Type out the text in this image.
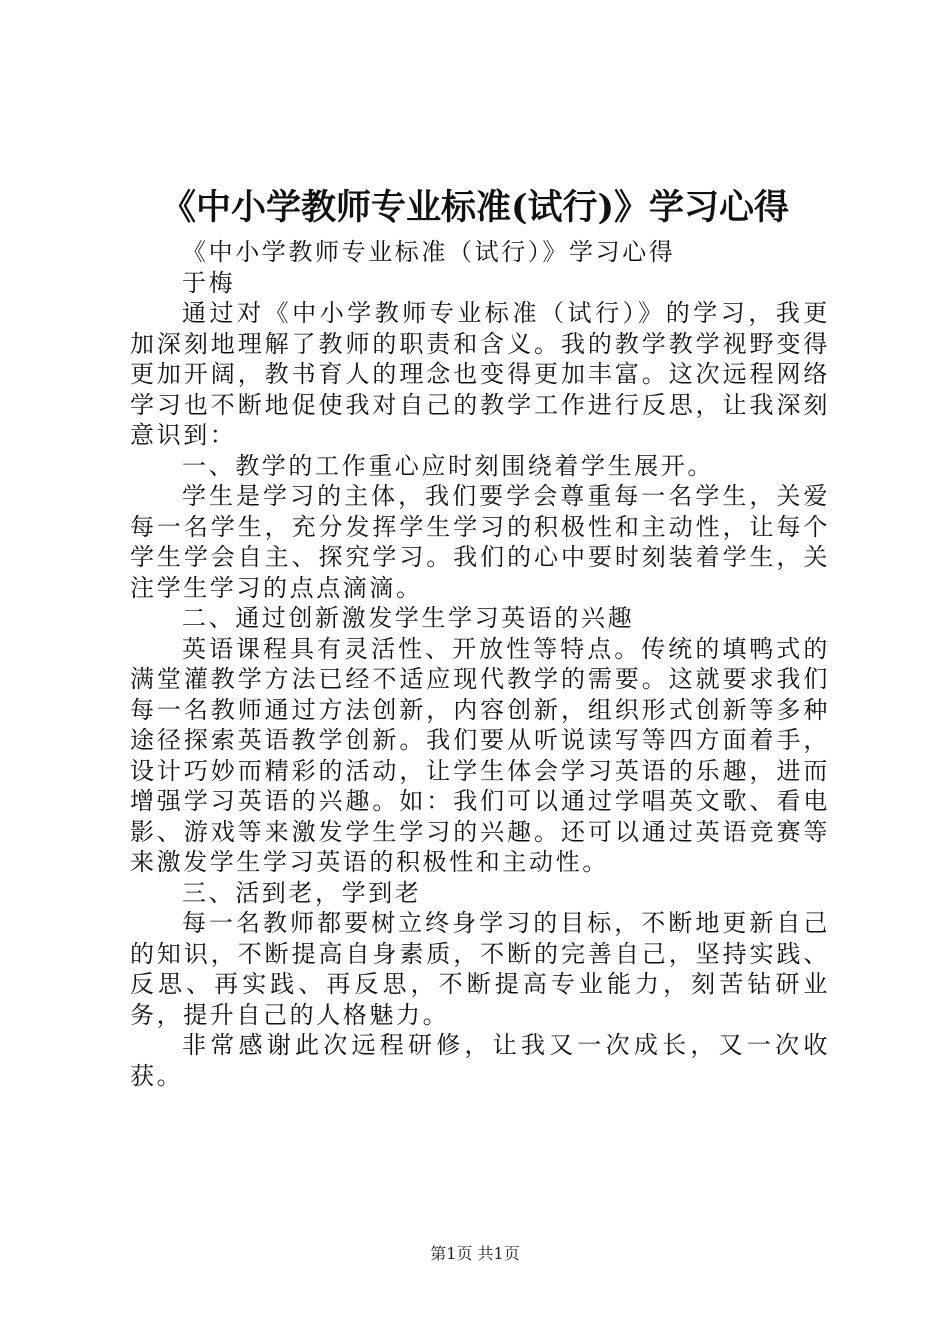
《中小学教师专业标准(试行)》学习心得

《中小学教师专业标准（试行）》学习心得

于梅

通过对《中小学教师专业标准（试行）》的学习，我更加深刻地理解了教师的职责和含义。我的教学教学视野变得更加开阔，教书育人的理念也变得更加丰富。这次远程网络学习也不断地促使我对自己的教学工作进行反思，让我深刻意识到：

一、教学的工作重心应时刻围绕着学生展开。

学生是学习的主体，我们要学会尊重每一名学生，关爱每一名学生，充分发挥学生学习的积极性和主动性，让每个学生学会自主、探究学习。我们的心中要时刻装着学生，关注学生学习的点点滴滴。

二、通过创新激发学生学习英语的兴趣

英语课程具有灵活性、开放性等特点。传统的填鸭式的满堂灌教学方法已经不适应现代教学的需要。这就要求我们每一名教师通过方法创新，内容创新，组织形式创新等多种途径探索英语教学创新。我们要从听说读写等四方面着手，设计巧妙而精彩的活动，让学生体会学习英语的乐趣，进而增强学习英语的兴趣。如：我们可以通过学唱英文歌、看电影、游戏等来激发学生学习的兴趣。还可以通过英语竞赛等来激发学生学习英语的积极性和主动性。

三、活到老，学到老

每一名教师都要树立终身学习的目标，不断地更新自己的知识，不断提高自身素质，不断的完善自己，坚持实践、反思、再实践、再反思，不断提高专业能力，刻苦钻研业务，提升自己的人格魅力。

非常感谢此次远程研修，让我又一次成长，又一次收获。

第1页 共1页
